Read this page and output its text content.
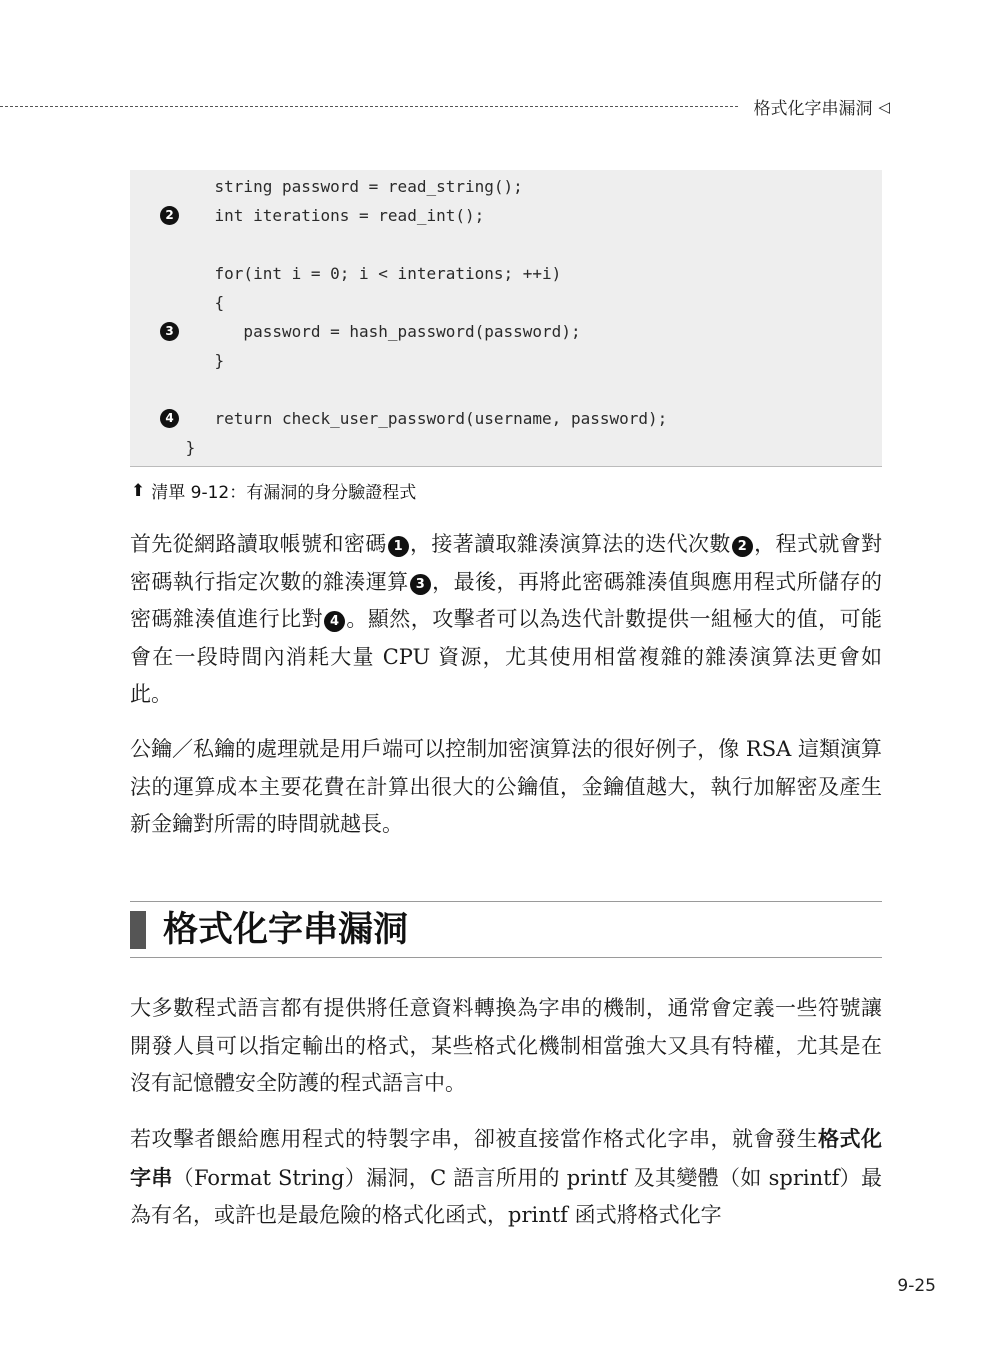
格式化字串漏洞 ◁
string password = read_string();
2 int iterations = read_int();
for(int i = 0; i < interations; ++i)
{
3 password = hash_password(password);
}
4 return check_user_password(username, password);
}
⬆ 清單 9-12：有漏洞的身分驗證程式

首先從網路讀取帳號和密碼 1 ，接著讀取雜湊演算法的迭代次數 2 ，程式就會對密碼執行指定次數的雜湊運算 3 ，最後，再將此密碼雜湊值與應用程式所儲存的密碼雜湊值進行比對 4 。顯然，攻擊者可以為迭代計數提供一組極大的值，可能會在一段時間內消耗大量 CPU 資源，尤其使用相當複雜的雜湊演算法更會如此。

公鑰／私鑰的處理就是用戶端可以控制加密演算法的很好例子，像 RSA 這類演算法的運算成本主要花費在計算出很大的公鑰值，金鑰值越大，執行加解密及產生新金鑰對所需的時間就越長。

格式化字串漏洞

大多數程式語言都有提供將任意資料轉換為字串的機制，通常會定義一些符號讓開發人員可以指定輸出的格式，某些格式化機制相當強大又具有特權，尤其是在沒有記憶體安全防護的程式語言中。

若攻擊者餵給應用程式的特製字串，卻被直接當作格式化字串，就會發生格式化字串（Format String）漏洞，C 語言所用的 printf 及其變體（如 sprintf）最為有名，或許也是最危險的格式化函式，printf 函式將格式化字

9-25
